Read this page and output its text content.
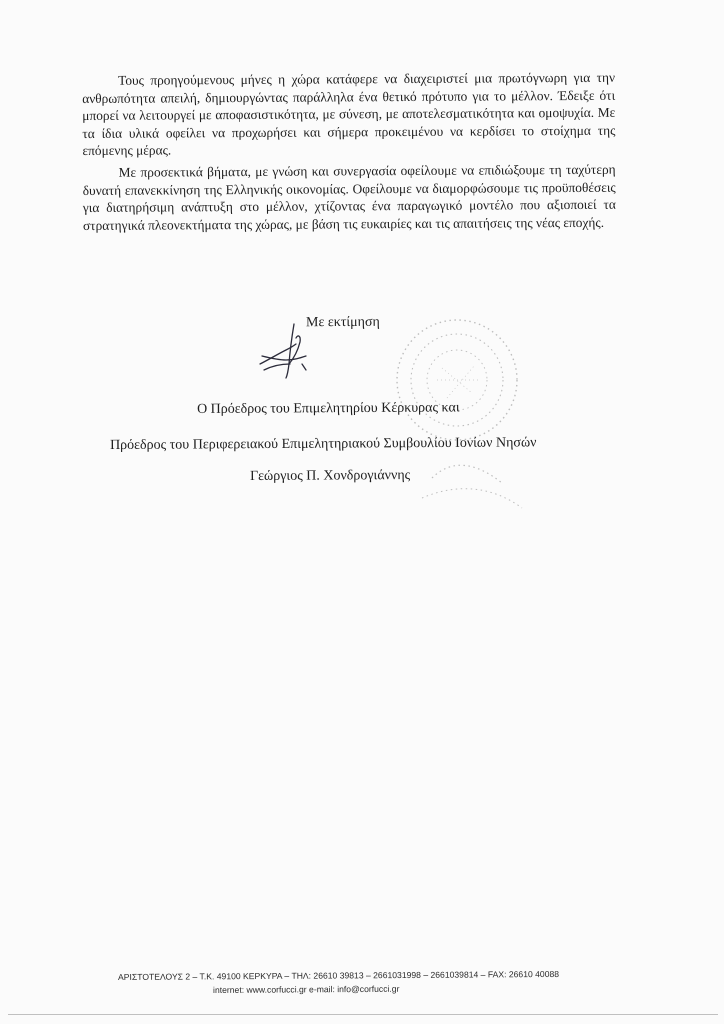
Τους προηγούμενους μήνες η χώρα κατάφερε να διαχειριστεί μια πρωτόγνωρη για την ανθρωπότητα απειλή, δημιουργώντας παράλληλα ένα θετικό πρότυπο για το μέλλον. Έδειξε ότι μπορεί να λειτουργεί με αποφασιστικότητα, με σύνεση, με αποτελεσματικότητα και ομοψυχία. Με τα ίδια υλικά οφείλει να προχωρήσει και σήμερα προκειμένου να κερδίσει το στοίχημα της επόμενης μέρας.

Με προσεκτικά βήματα, με γνώση και συνεργασία οφείλουμε να επιδιώξουμε τη ταχύτερη δυνατή επανεκκίνηση της Ελληνικής οικονομίας. Οφείλουμε να διαμορφώσουμε τις προϋποθέσεις για διατηρήσιμη ανάπτυξη στο μέλλον, χτίζοντας ένα παραγωγικό μοντέλο που αξιοποιεί τα στρατηγικά πλεονεκτήματα της χώρας, με βάση τις ευκαιρίες και τις απαιτήσεις της νέας εποχής.

Με εκτίμηση
Ο Πρόεδρος του Επιμελητηρίου Κέρκυρας και
Πρόεδρος του Περιφερειακού Επιμελητηριακού Συμβουλίου Ιονίων Νησών
Γεώργιος Π. Χονδρογιάννης
ΑΡΙΣΤΟΤΕΛΟΥΣ 2 – Τ.Κ. 49100 ΚΕΡΚΥΡΑ – ΤΗΛ: 26610 39813 – 2661031998 – 2661039814 – FAX: 26610 40088
internet: www.corfucci.gr e-mail: info@corfucci.gr
